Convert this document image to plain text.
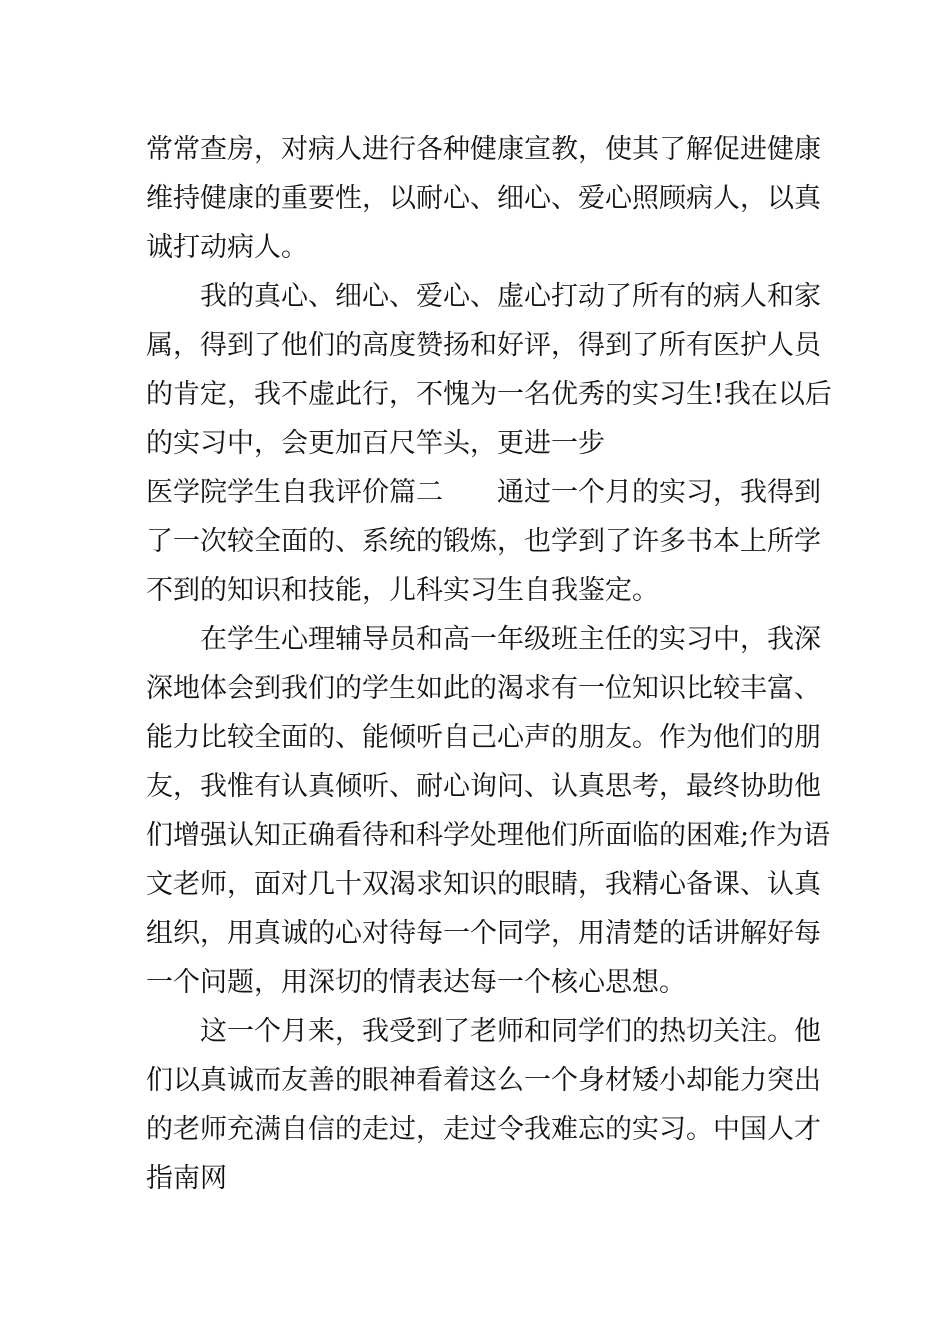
常常查房，对病人进行各种健康宣教，使其了解促进健康
维持健康的重要性，以耐心、细心、爱心照顾病人，以真
诚打动病人。
我的真心、细心、爱心、虚心打动了所有的病人和家
属，得到了他们的高度赞扬和好评，得到了所有医护人员
的肯定，我不虚此行，不愧为一名优秀的实习生!我在以后
的实习中，会更加百尺竿头，更进一步
医学院学生自我评价篇二　　通过一个月的实习，我得到
了一次较全面的、系统的锻炼，也学到了许多书本上所学
不到的知识和技能，儿科实习生自我鉴定。
在学生心理辅导员和高一年级班主任的实习中，我深
深地体会到我们的学生如此的渴求有一位知识比较丰富、
能力比较全面的、能倾听自己心声的朋友。作为他们的朋
友，我惟有认真倾听、耐心询问、认真思考，最终协助他
们增强认知正确看待和科学处理他们所面临的困难;作为语
文老师，面对几十双渴求知识的眼睛，我精心备课、认真
组织，用真诚的心对待每一个同学，用清楚的话讲解好每
一个问题，用深切的情表达每一个核心思想。
这一个月来，我受到了老师和同学们的热切关注。他
们以真诚而友善的眼神看着这么一个身材矮小却能力突出
的老师充满自信的走过，走过令我难忘的实习。中国人才
指南网
